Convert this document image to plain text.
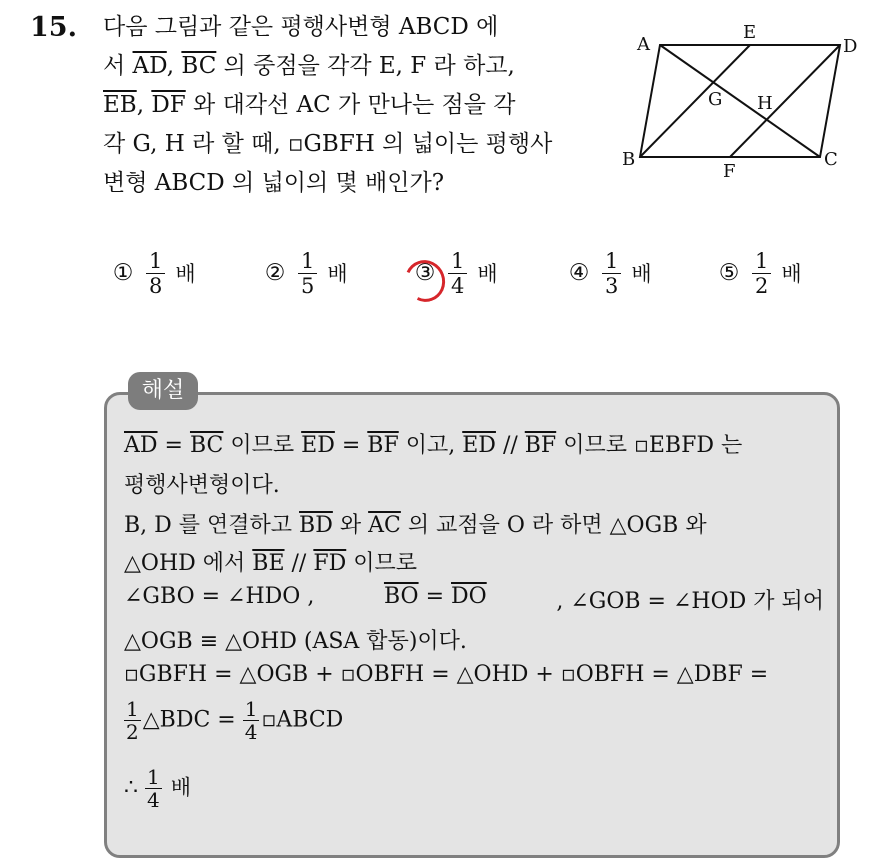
15. 다음 그림과 같은 평행사변형 ABCD 에
서 $\overline{AD}$, $\overline{BC}$ 의 중점을 각각 E, F 라 하고,
$\overline{EB}$, $\overline{DF}$ 와 대각선 AC 가 만나는 점을 각
각 G, H 라 할 때, ▫GBFH 의 넓이는 평행사
변형 ABCD 의 넓이의 몇 배인가?
A
E
D
G H
B
F
C
① $\frac{1}{8}$ 배	② $\frac{1}{5}$ 배	③ $\frac{1}{4}$ 배	④ $\frac{1}{3}$ 배	⑤ $\frac{1}{2}$ 배
해설
$\overline{AD} = \overline{BC}$ 이므로 $\overline{ED} = \overline{BF}$ 이고, $\overline{ED} // \overline{BF}$ 이므로 ▫EBFD 는
평행사변형이다.
B, D 를 연결하고 $\overline{BD}$ 와 $\overline{AC}$ 의 교점을 O 라 하면 △OGB 와
△OHD 에서 $\overline{BE} // \overline{FD}$ 이므로
∠GBO = ∠HDO ,	$\overline{BO} = \overline{DO}$	, ∠GOB = ∠HOD 가 되어
△OGB ≡ △OHD (ASA 합동)이다.
▫GBFH = △OGB + ▫OBFH = △OHD + ▫OBFH = △DBF =
$\frac{1}{2}$ △BDC = $\frac{1}{4}$ ▫ABCD
∴ $\frac{1}{4}$ 배
